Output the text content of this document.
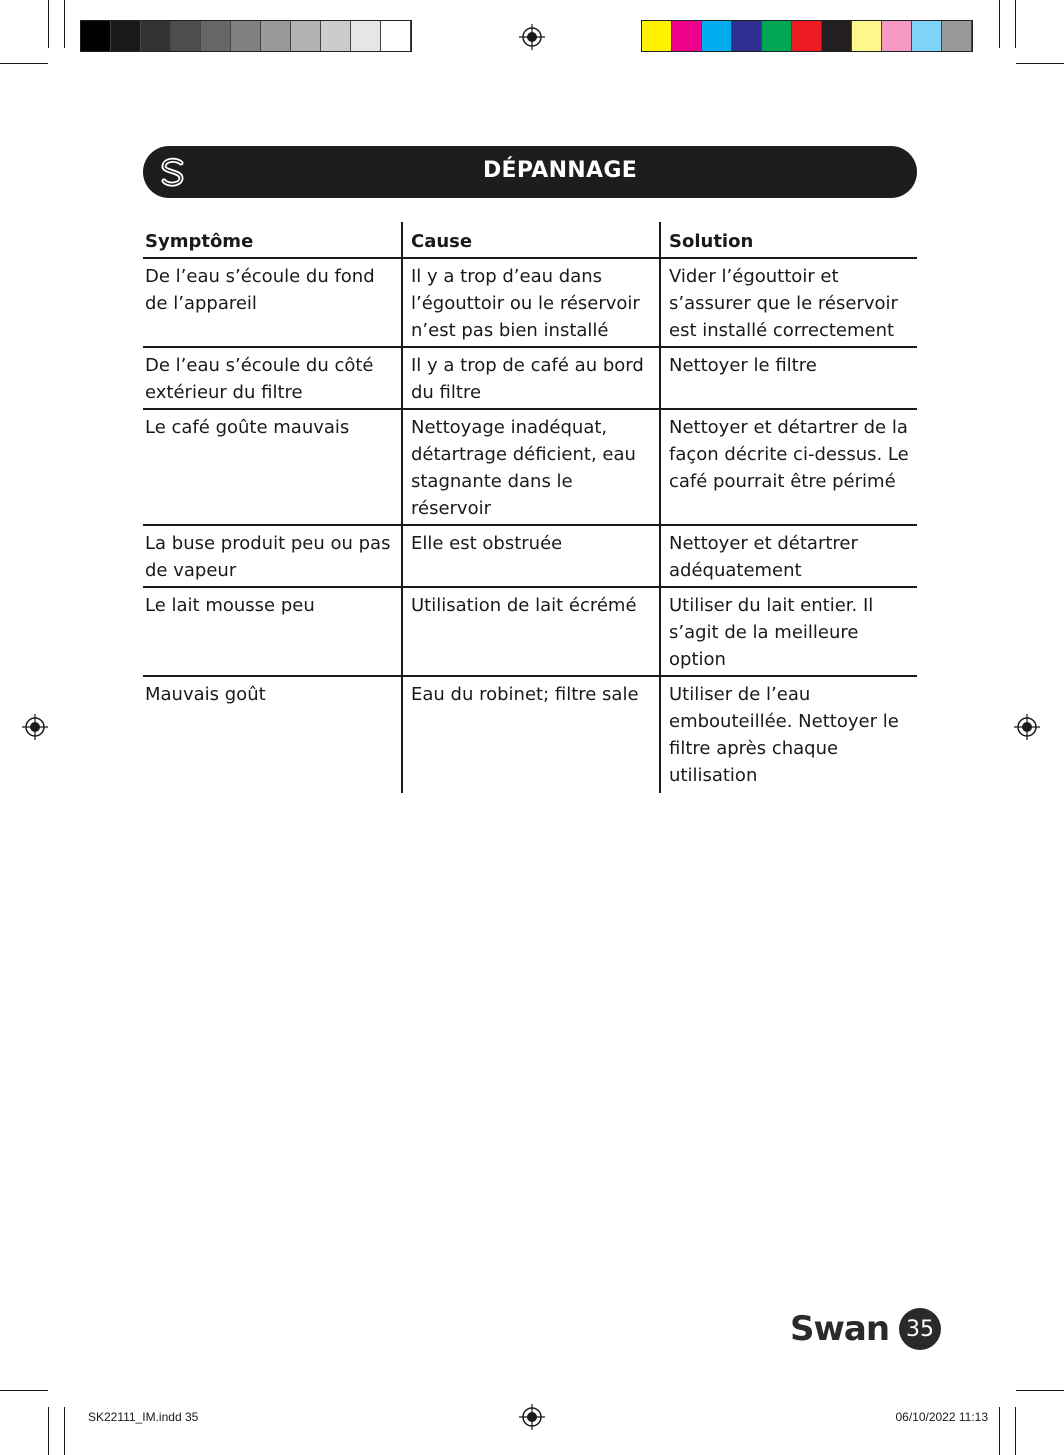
DÉPANNAGE
Symptôme	Cause	Solution
De l’eau s’écoule du fond de l’appareil	Il y a trop d’eau dans l’égouttoir ou le réservoir n’est pas bien installé	Vider l’égouttoir et s’assurer que le réservoir est installé correctement
De l’eau s’écoule du côté extérieur du filtre	Il y a trop de café au bord du filtre	Nettoyer le filtre
Le café goûte mauvais	Nettoyage inadéquat, détartrage déficient, eau stagnante dans le réservoir	Nettoyer et détartrer de la façon décrite ci-dessus. Le café pourrait être périmé
La buse produit peu ou pas de vapeur	Elle est obstruée	Nettoyer et détartrer adéquatement
Le lait mousse peu	Utilisation de lait écrémé	Utiliser du lait entier. Il s’agit de la meilleure option
Mauvais goût	Eau du robinet; filtre sale	Utiliser de l’eau embouteillée. Nettoyer le filtre après chaque utilisation
Swan 35
SK22111_IM.indd 35	06/10/2022 11:13
